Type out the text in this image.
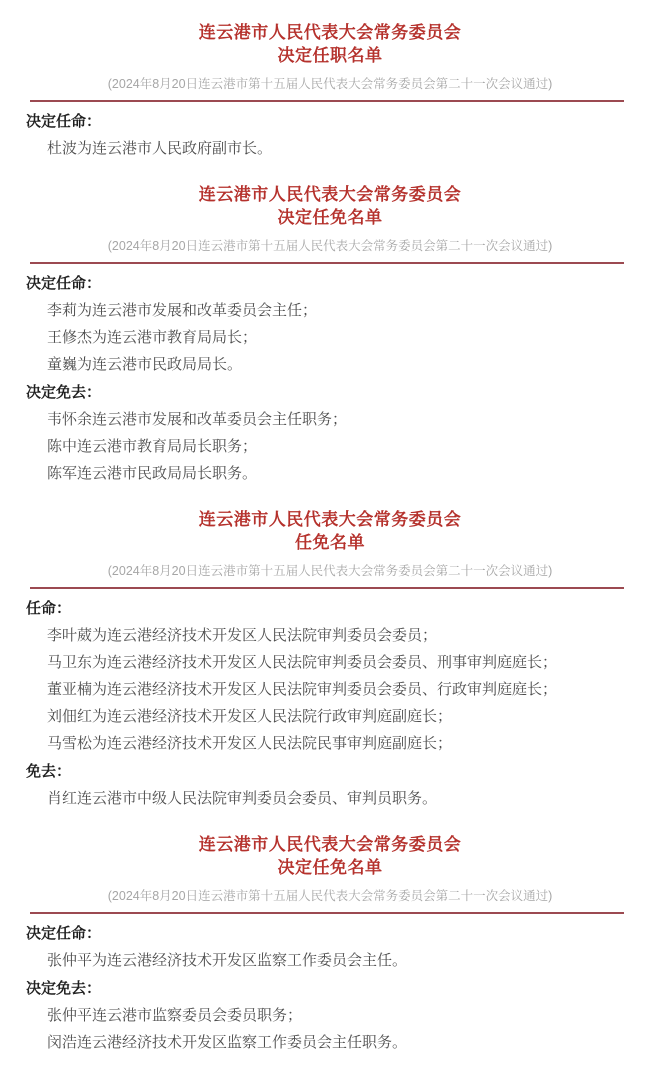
连云港市人民代表大会常务委员会
决定任职名单

(2024年8月20日连云港市第十五届人民代表大会常务委员会第二十一次会议通过)

决定任命：

杜波为连云港市人民政府副市长。

连云港市人民代表大会常务委员会
决定任免名单

(2024年8月20日连云港市第十五届人民代表大会常务委员会第二十一次会议通过)

决定任命：

李莉为连云港市发展和改革委员会主任；

王修杰为连云港市教育局局长；

童巍为连云港市民政局局长。

决定免去：

韦怀余连云港市发展和改革委员会主任职务；

陈中连云港市教育局局长职务；

陈军连云港市民政局局长职务。

连云港市人民代表大会常务委员会
任免名单

(2024年8月20日连云港市第十五届人民代表大会常务委员会第二十一次会议通过)

任命：

李叶葳为连云港经济技术开发区人民法院审判委员会委员；

马卫东为连云港经济技术开发区人民法院审判委员会委员、刑事审判庭庭长；

董亚楠为连云港经济技术开发区人民法院审判委员会委员、行政审判庭庭长；

刘佃红为连云港经济技术开发区人民法院行政审判庭副庭长；

马雪松为连云港经济技术开发区人民法院民事审判庭副庭长；

免去：

肖红连云港市中级人民法院审判委员会委员、审判员职务。

连云港市人民代表大会常务委员会
决定任免名单

(2024年8月20日连云港市第十五届人民代表大会常务委员会第二十一次会议通过)

决定任命：

张仲平为连云港经济技术开发区监察工作委员会主任。

决定免去：

张仲平连云港市监察委员会委员职务；

闵浩连云港经济技术开发区监察工作委员会主任职务。
